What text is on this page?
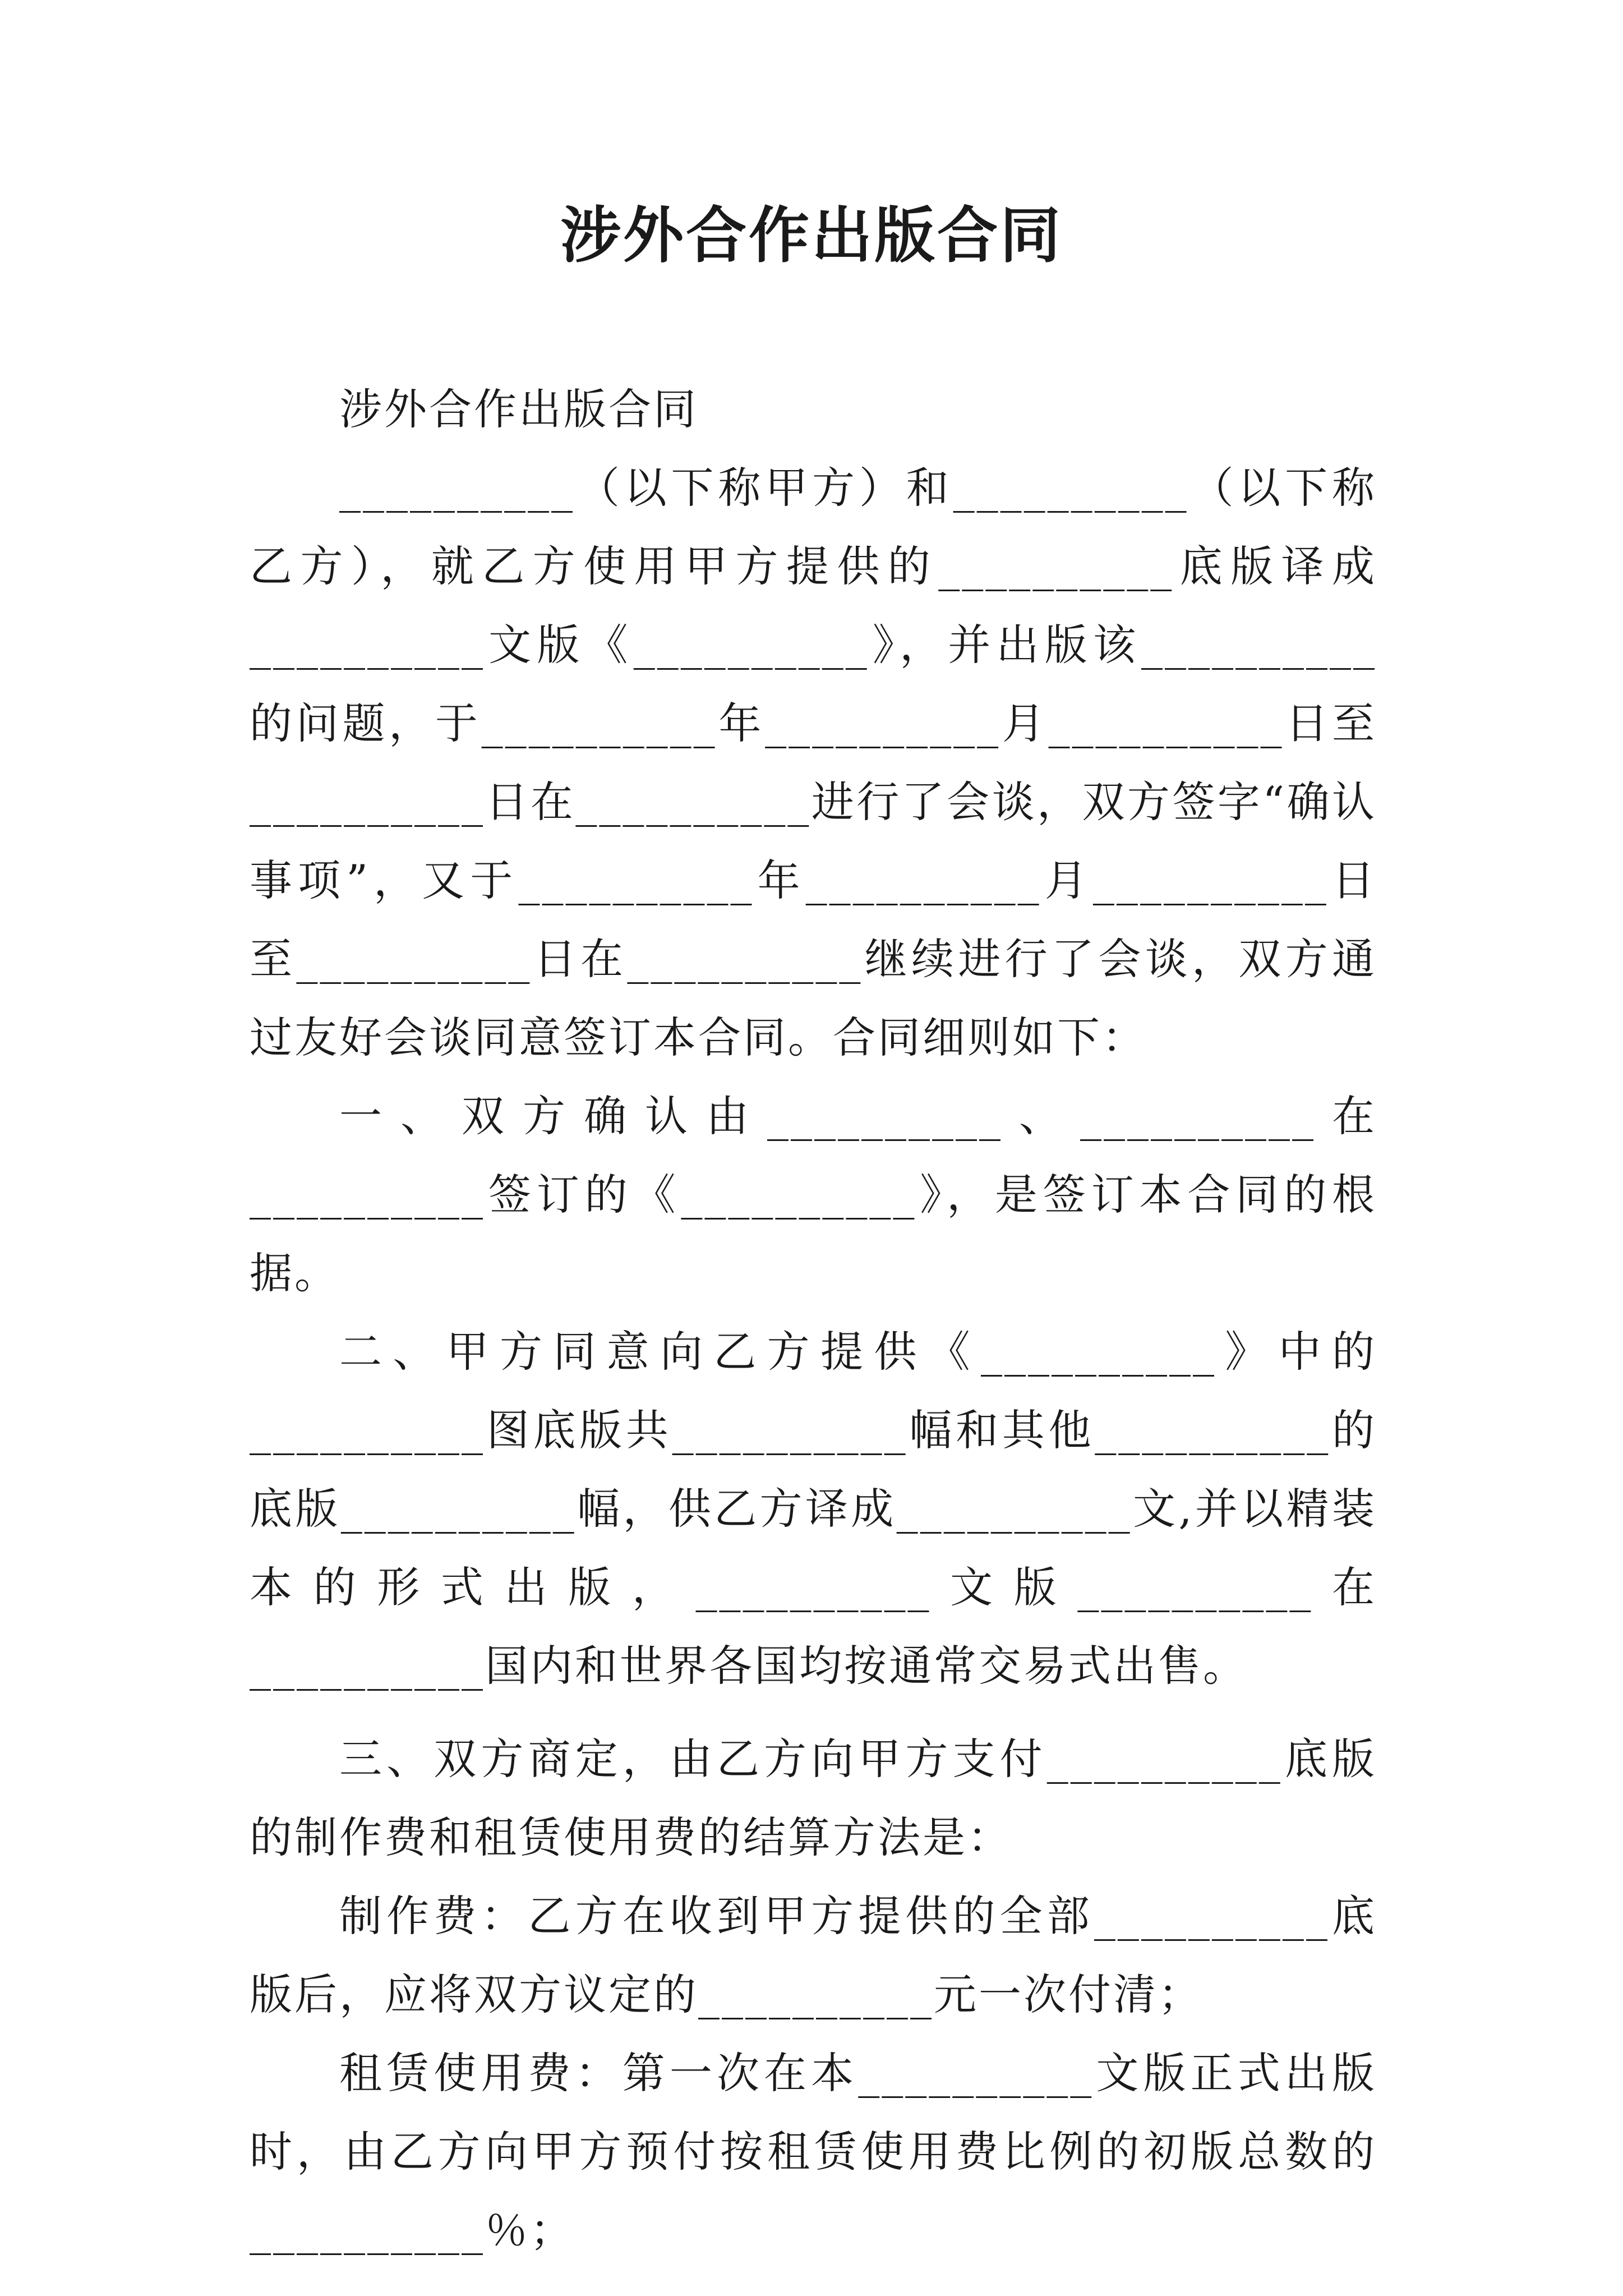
涉外合作出版合同

涉外合作出版合同

__________（以下称甲方）和__________（以下称乙方），就乙方使用甲方提供的__________底版译成__________文版《__________》，并出版该__________的问题，于__________年__________月__________日至__________日在__________进行了会谈，双方签字“确认事项”，又于__________年__________月__________日至__________日在__________继续进行了会谈，双方通过友好会谈同意签订本合同。合同细则如下：

一、双方确认由__________、__________在__________签订的《__________》，是签订本合同的根据。

二、甲方同意向乙方提供《__________》中的__________图底版共__________幅和其他__________的底版__________幅，供乙方译成__________文,并以精装本的形式出版，__________文版__________在__________国内和世界各国均按通常交易式出售。

三、双方商定，由乙方向甲方支付__________底版的制作费和租赁使用费的结算方法是：

制作费：乙方在收到甲方提供的全部__________底版后，应将双方议定的__________元一次付清；

租赁使用费：第一次在本__________文版正式出版时，由乙方向甲方预付按租赁使用费比例的初版总数的__________％；
